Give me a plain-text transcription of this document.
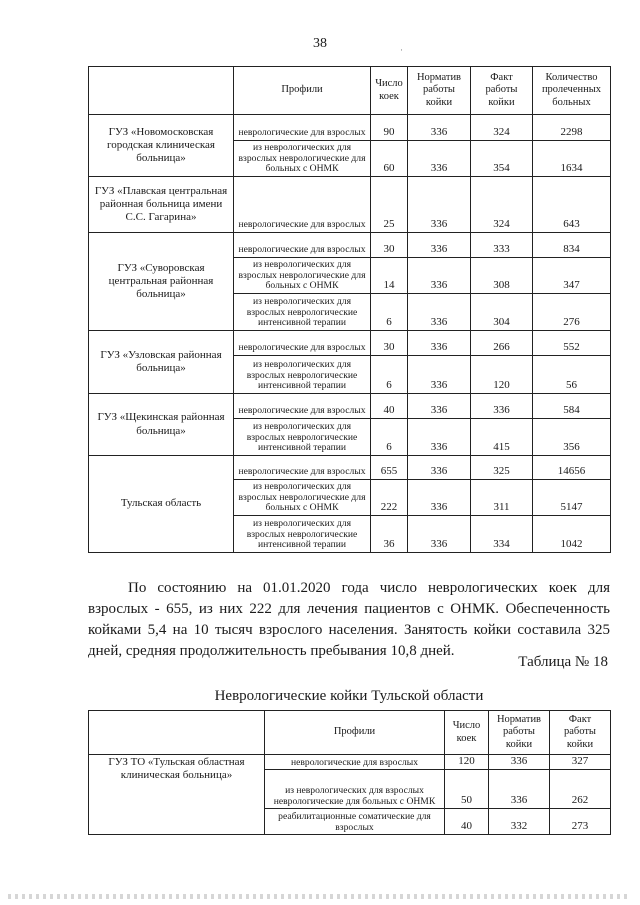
38	·
	Профили	Число коек	Норматив работы койки	Факт работы койки	Количество пролеченных больных
ГУЗ «Новомосковская городская клиническая больница»	неврологические для взрослых	90	336	324	2298
	из неврологических для взрослых неврологические для больных с ОНМК	60	336	354	1634
ГУЗ «Плавская центральная районная больница имени С.С. Гагарина»	неврологические для взрослых	25	336	324	643
ГУЗ «Суворовская центральная районная больница»	неврологические для взрослых	30	336	333	834
	из неврологических для взрослых неврологические для больных с ОНМК	14	336	308	347
	из неврологических для взрослых неврологические интенсивной терапии	6	336	304	276
ГУЗ «Узловская районная больница»	неврологические для взрослых	30	336	266	552
	из неврологических для взрослых неврологические интенсивной терапии	6	336	120	56
ГУЗ «Щекинская районная больница»	неврологические для взрослых	40	336	336	584
	из неврологических для взрослых неврологические интенсивной терапии	6	336	415	356
Тульская область	неврологические для взрослых	655	336	325	14656
	из неврологических для взрослых неврологические для больных с ОНМК	222	336	311	5147
	из неврологических для взрослых неврологические интенсивной терапии	36	336	334	1042
По состоянию на 01.01.2020 года число неврологических коек для взрослых - 655, из них 222 для лечения пациентов с ОНМК. Обеспеченность койками 5,4 на 10 тысяч взрослого населения. Занятость койки составила 325 дней, средняя продолжительность пребывания 10,8 дней.
Таблица № 18
Неврологические койки Тульской области
	Профили	Число коек	Норматив работы койки	Факт работы койки
ГУЗ ТО «Тульская областная клиническая больница»	неврологические для взрослых	120	336	327
	из неврологических для взрослых неврологические для больных с ОНМК	50	336	262
	реабилитационные соматические для взрослых	40	332	273
